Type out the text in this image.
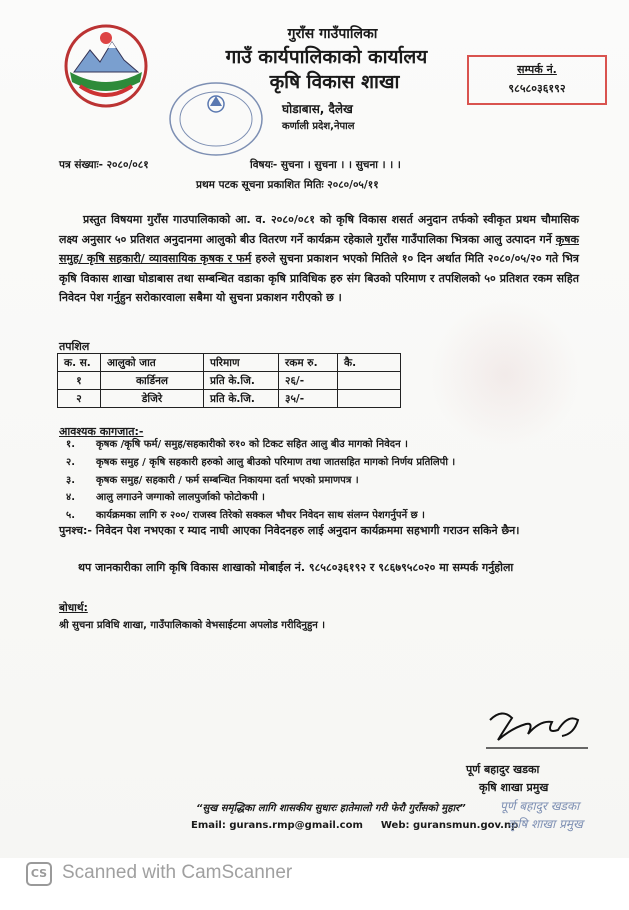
गुराँस गाउँपालिका
गाउँ कार्यपालिकाको कार्यालय
कृषि विकास शाखा
घोडाबास, दैलेख
कर्णाली प्रदेश,नेपाल
सम्पर्क नं.
९८५८०३६१९२
पत्र संख्याः- २०८०/०८१	विषयः- सुचना । सुचना । । सुचना । । ।
प्रथम पटक सूचना प्रकाशित मितिः २०८०/०५/११
प्रस्तुत विषयमा गुराँस गाउपालिकाको आ. व. २०८०/०८१ को कृषि विकास शसर्त अनुदान तर्फको स्वीकृत प्रथम चौमासिक लक्ष्य अनुसार ५० प्रतिशत अनुदानमा आलुको बीउ वितरण गर्ने कार्यक्रम रहेकाले गुराँस गाउँपालिका भित्रका आलु उत्पादन गर्ने कृषक समुह/ कृषि सहकारी/ व्यावसायिक कृषक र फर्म हरुले सुचना प्रकाशन भएको मितिले १० दिन अर्थात मिति २०८०/०५/२० गते भित्र कृषि विकास शाखा घोडाबास तथा सम्बन्धित वडाका कृषि प्राविधिक हरु संग बिउको परिमाण र तपशिलको ५० प्रतिशत रकम सहित निवेदन पेश गर्नुहुन सरोकारवाला सबैमा यो सुचना प्रकाशन गरीएको छ ।
तपशिल
क. स.	आलुको जात	परिमाण	रकम रु.	कै.
१	कार्डिनल	प्रति के.जि.	२६/-	
२	डेजिरे	प्रति के.जि.	३५/-	
आवश्यक कागजात:-
१. कृषक /कृषि फर्म/ समुह/सहकारीको रु१० को टिकट सहित आलु बीउ मागको निवेदन ।
२. कृषक समुह / कृषि सहकारी हरुको आलु बीउको परिमाण तथा जातसहित मागको निर्णय प्रतिलिपी ।
३. कृषक समुह/ सहकारी / फर्म सम्बन्धित निकायमा दर्ता भएको प्रमाणपत्र ।
४. आलु लगाउने जग्गाको लालपुर्जाको फोटोकपी ।
५. कार्यक्रमका लागि रु २००/ राजस्व तिरेको सक्कल भौचर निवेदन साथ संलग्न पेशगर्नुपर्ने छ ।
पुनश्च:- निवेदन पेश नभएका र म्याद नाघी आएका निवेदनहरु लाई अनुदान कार्यक्रममा सहभागी गराउन सकिने छैन।
थप जानकारीका लागि कृषि विकास शाखाको मोबाईल नं. ९८५८०३६१९२ र ९८६७९५८०२० मा सम्पर्क गर्नुहोला
बोधार्थ:
श्री सुचना प्रविधि शाखा, गाउँपालिकाको वेभसाईटमा अपलोड गरीदिनुहुन ।
पूर्ण बहादुर खडका
कृषि शाखा प्रमुख
“सुख समृद्धिका लागि शासकीय सुधारः हातेमालो गरी फेरौ गुराँसको मुहार”
Email: gurans.rmp@gmail.com Web: guransmun.gov.np
पूर्ण बहादुर खडका
कृषि शाखा प्रमुख
CS Scanned with CamScanner
